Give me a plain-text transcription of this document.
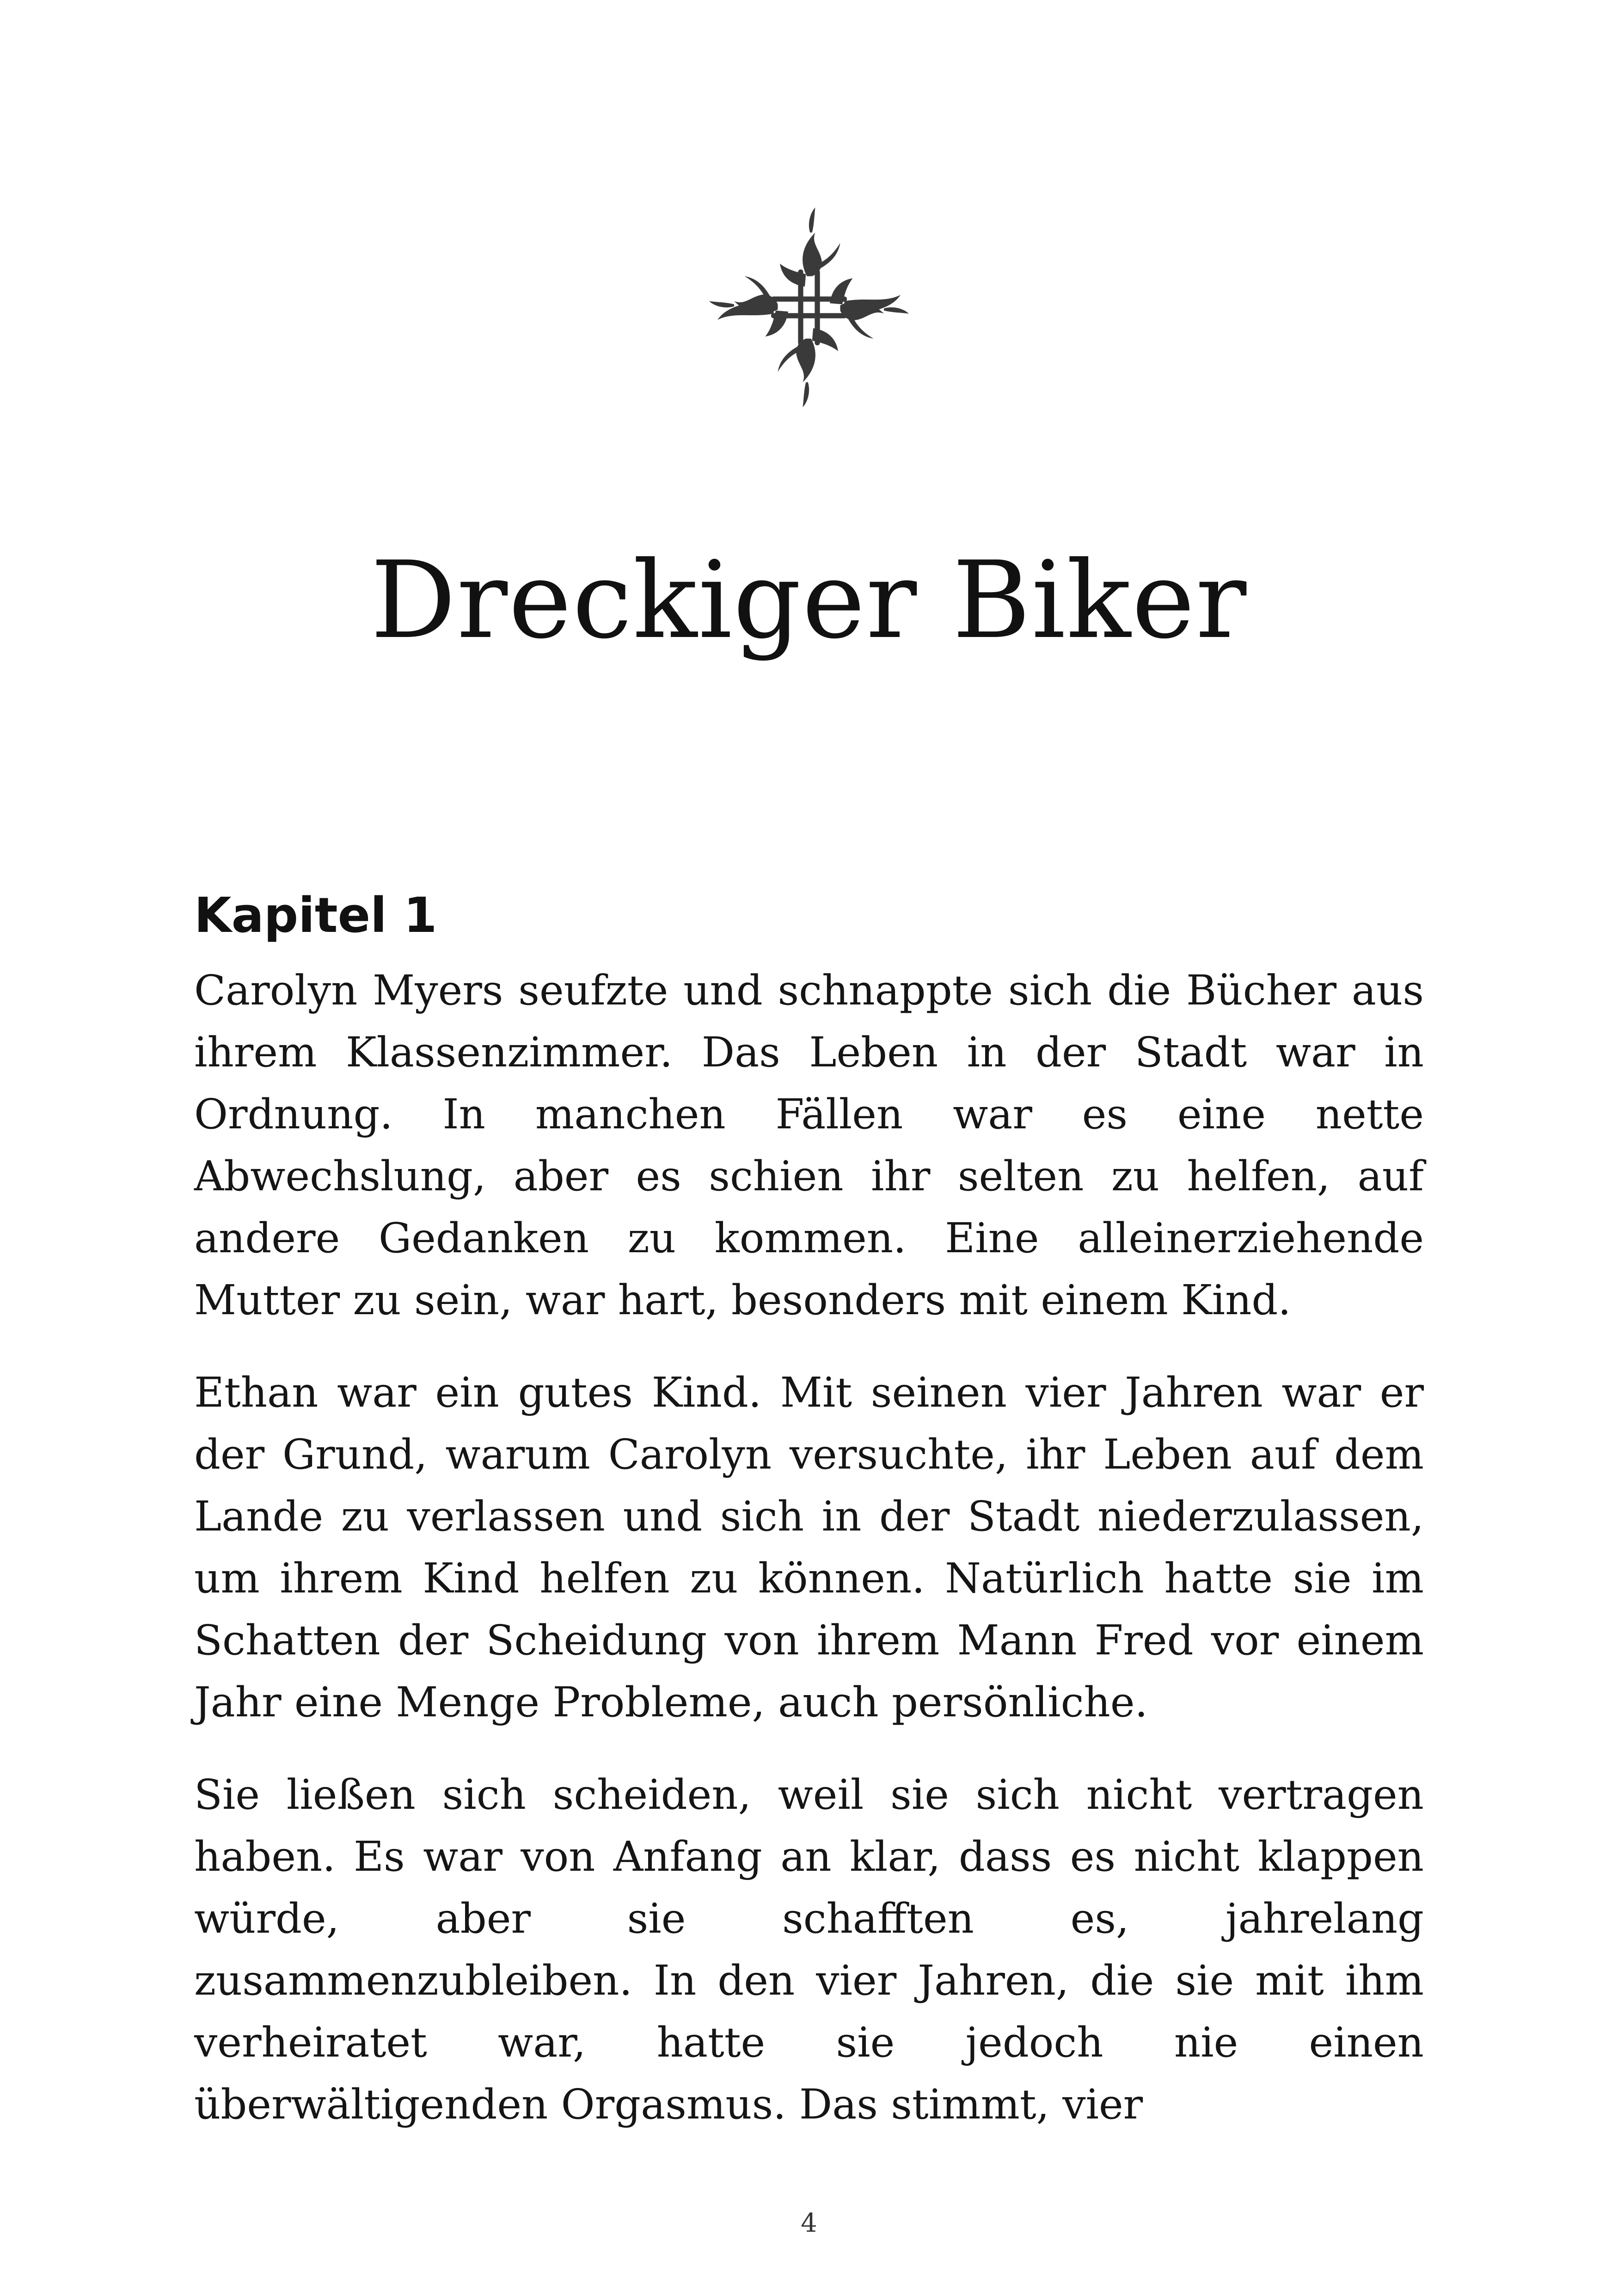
Dreckiger Biker
Kapitel 1

Carolyn Myers seufzte und schnappte sich die Bücher aus ihrem Klassenzimmer. Das Leben in der Stadt war in Ordnung. In manchen Fällen war es eine nette Abwechslung, aber es schien ihr selten zu helfen, auf andere Gedanken zu kommen. Eine alleinerziehende Mutter zu sein, war hart, besonders mit einem Kind.

Ethan war ein gutes Kind. Mit seinen vier Jahren war er der Grund, warum Carolyn versuchte, ihr Leben auf dem Lande zu verlassen und sich in der Stadt niederzulassen, um ihrem Kind helfen zu können. Natürlich hatte sie im Schatten der Scheidung von ihrem Mann Fred vor einem Jahr eine Menge Probleme, auch persönliche.

Sie ließen sich scheiden, weil sie sich nicht vertragen haben. Es war von Anfang an klar, dass es nicht klappen würde, aber sie schafften es, jahrelang zusammenzubleiben. In den vier Jahren, die sie mit ihm verheiratet war, hatte sie jedoch nie einen überwältigenden Orgasmus. Das stimmt, vier

4
